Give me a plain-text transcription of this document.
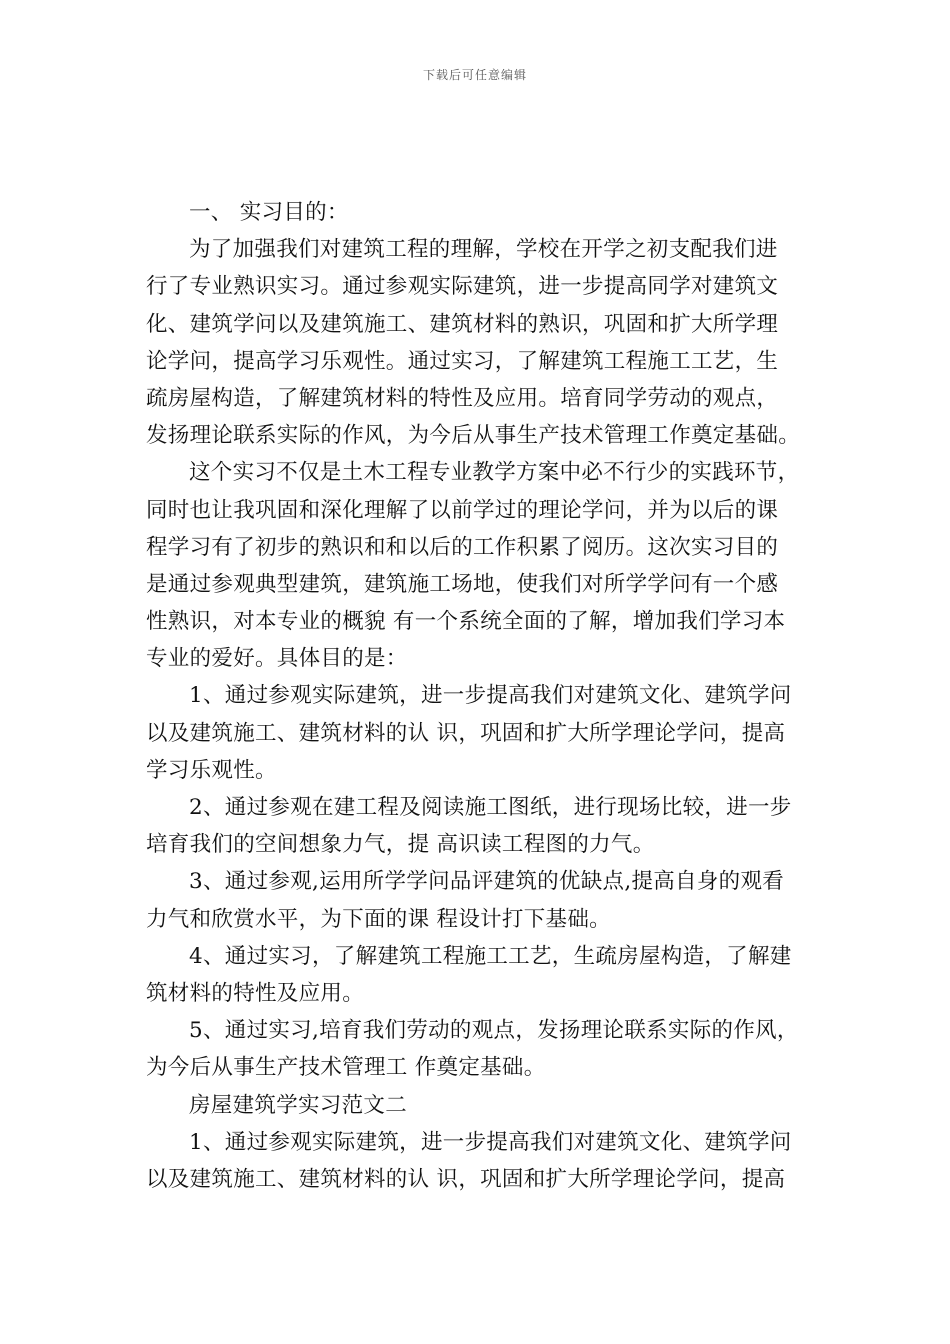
下载后可任意编辑
一、 实习目的：
为了加强我们对建筑工程的理解，学校在开学之初支配我们进
行了专业熟识实习。通过参观实际建筑，进一步提高同学对建筑文
化、建筑学问以及建筑施工、建筑材料的熟识，巩固和扩大所学理
论学问，提高学习乐观性。通过实习，了解建筑工程施工工艺，生
疏房屋构造，了解建筑材料的特性及应用。培育同学劳动的观点，
发扬理论联系实际的作风，为今后从事生产技术管理工作奠定基础。
这个实习不仅是土木工程专业教学方案中必不行少的实践环节，
同时也让我巩固和深化理解了以前学过的理论学问，并为以后的课
程学习有了初步的熟识和和以后的工作积累了阅历。这次实习目的
是通过参观典型建筑，建筑施工场地，使我们对所学学问有一个感
性熟识，对本专业的概貌 有一个系统全面的了解，增加我们学习本
专业的爱好。具体目的是：
1、通过参观实际建筑，进一步提高我们对建筑文化、建筑学问
以及建筑施工、建筑材料的认 识，巩固和扩大所学理论学问，提高
学习乐观性。
2、通过参观在建工程及阅读施工图纸，进行现场比较，进一步
培育我们的空间想象力气，提 高识读工程图的力气。
3、通过参观,运用所学学问品评建筑的优缺点,提高自身的观看
力气和欣赏水平，为下面的课 程设计打下基础。
4、通过实习，了解建筑工程施工工艺，生疏房屋构造，了解建
筑材料的特性及应用。
5、通过实习,培育我们劳动的观点，发扬理论联系实际的作风，
为今后从事生产技术管理工 作奠定基础。
房屋建筑学实习范文二
1、通过参观实际建筑，进一步提高我们对建筑文化、建筑学问
以及建筑施工、建筑材料的认 识，巩固和扩大所学理论学问，提高
